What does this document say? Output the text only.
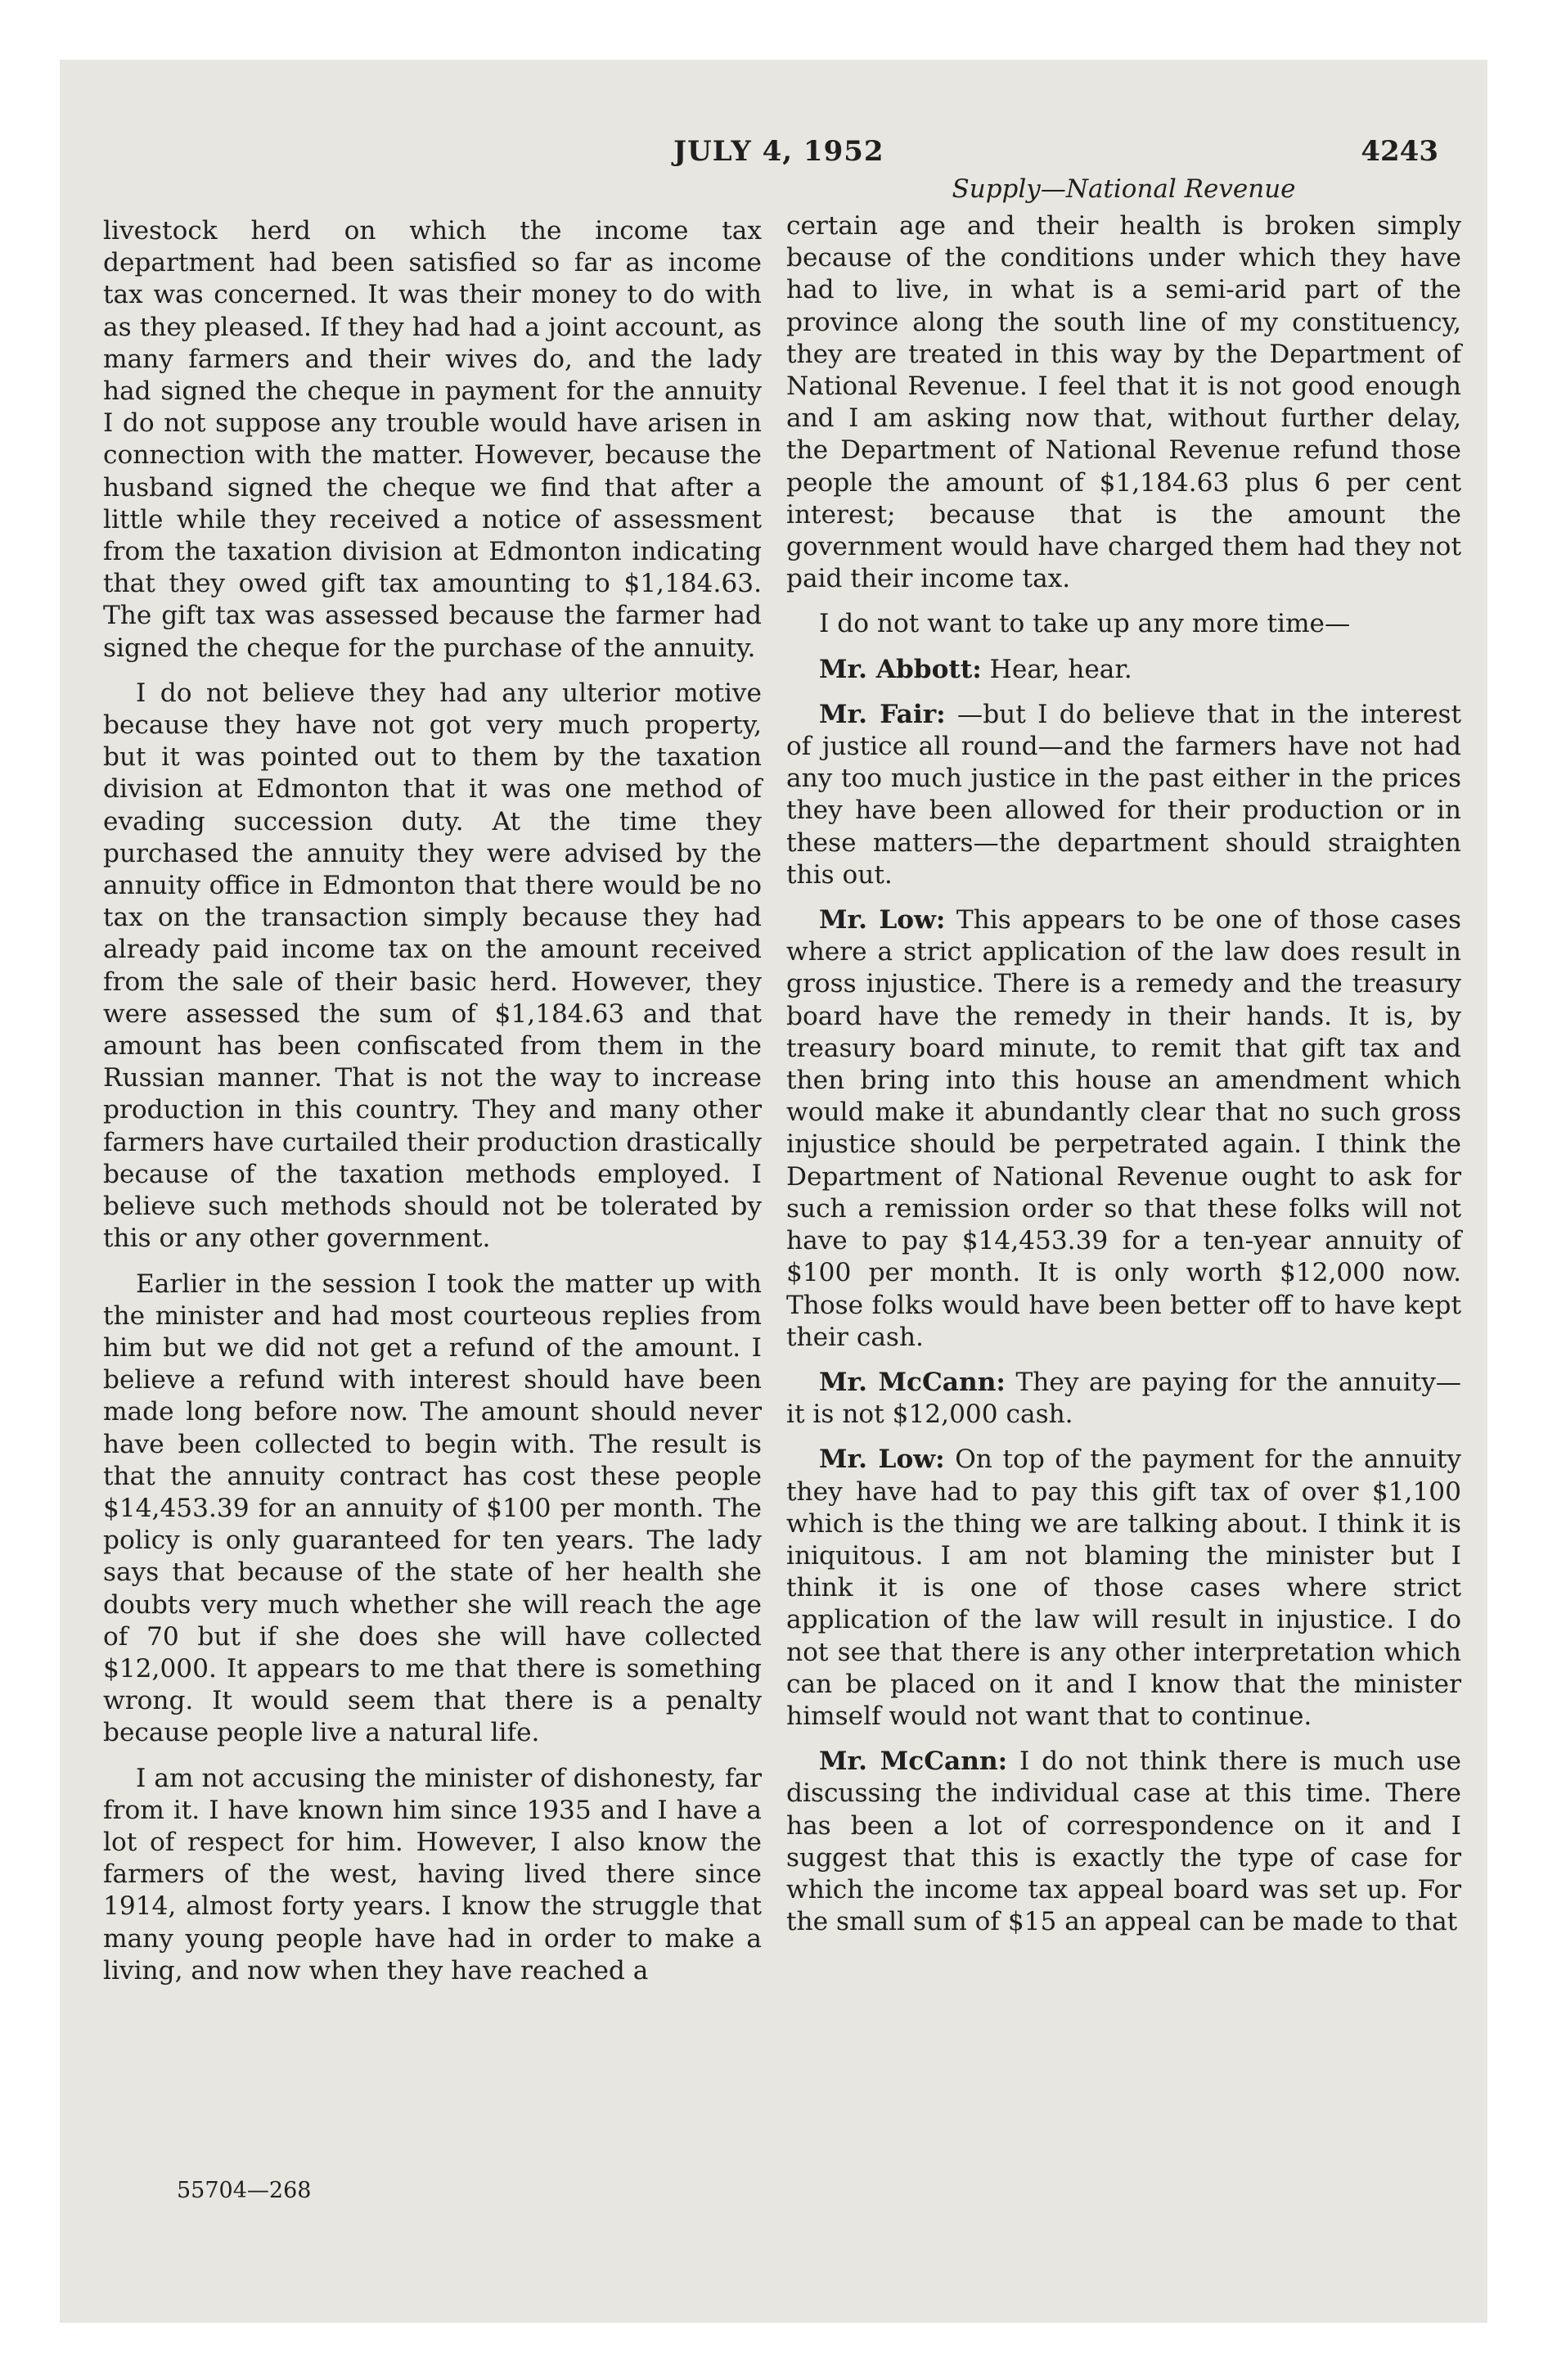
JULY 4, 1952	4243

livestock herd on which the income tax department had been satisfied so far as income tax was concerned. It was their money to do with as they pleased. If they had had a joint account, as many farmers and their wives do, and the lady had signed the cheque in payment for the annuity I do not suppose any trouble would have arisen in connection with the matter. However, because the husband signed the cheque we find that after a little while they received a notice of assessment from the taxation division at Edmonton indicating that they owed gift tax amounting to $1,184.63. The gift tax was assessed because the farmer had signed the cheque for the purchase of the annuity.

I do not believe they had any ulterior motive because they have not got very much property, but it was pointed out to them by the taxation division at Edmonton that it was one method of evading succession duty. At the time they purchased the annuity they were advised by the annuity office in Edmonton that there would be no tax on the transaction simply because they had already paid income tax on the amount received from the sale of their basic herd. However, they were assessed the sum of $1,184.63 and that amount has been confiscated from them in the Russian manner. That is not the way to increase production in this country. They and many other farmers have curtailed their production drastically because of the taxation methods employed. I believe such methods should not be tolerated by this or any other government.

Earlier in the session I took the matter up with the minister and had most courteous replies from him but we did not get a refund of the amount. I believe a refund with interest should have been made long before now. The amount should never have been collected to begin with. The result is that the annuity contract has cost these people $14,453.39 for an annuity of $100 per month. The policy is only guaranteed for ten years. The lady says that because of the state of her health she doubts very much whether she will reach the age of 70 but if she does she will have collected $12,000. It appears to me that there is something wrong. It would seem that there is a penalty because people live a natural life.

I am not accusing the minister of dishonesty, far from it. I have known him since 1935 and I have a lot of respect for him. However, I also know the farmers of the west, having lived there since 1914, almost forty years. I know the struggle that many young people have had in order to make a living, and now when they have reached a

Supply—National Revenue

certain age and their health is broken simply because of the conditions under which they have had to live, in what is a semi-arid part of the province along the south line of my constituency, they are treated in this way by the Department of National Revenue. I feel that it is not good enough and I am asking now that, without further delay, the Department of National Revenue refund those people the amount of $1,184.63 plus 6 per cent interest; because that is the amount the government would have charged them had they not paid their income tax.

I do not want to take up any more time—

Mr. Abbott: Hear, hear.

Mr. Fair: —but I do believe that in the interest of justice all round—and the farmers have not had any too much justice in the past either in the prices they have been allowed for their production or in these matters—the department should straighten this out.

Mr. Low: This appears to be one of those cases where a strict application of the law does result in gross injustice. There is a remedy and the treasury board have the remedy in their hands. It is, by treasury board minute, to remit that gift tax and then bring into this house an amendment which would make it abundantly clear that no such gross injustice should be perpetrated again. I think the Department of National Revenue ought to ask for such a remission order so that these folks will not have to pay $14,453.39 for a ten-year annuity of $100 per month. It is only worth $12,000 now. Those folks would have been better off to have kept their cash.

Mr. McCann: They are paying for the annuity—it is not $12,000 cash.

Mr. Low: On top of the payment for the annuity they have had to pay this gift tax of over $1,100 which is the thing we are talking about. I think it is iniquitous. I am not blaming the minister but I think it is one of those cases where strict application of the law will result in injustice. I do not see that there is any other interpretation which can be placed on it and I know that the minister himself would not want that to continue.

Mr. McCann: I do not think there is much use discussing the individual case at this time. There has been a lot of correspondence on it and I suggest that this is exactly the type of case for which the income tax appeal board was set up. For the small sum of $15 an appeal can be made to that

55704—268
